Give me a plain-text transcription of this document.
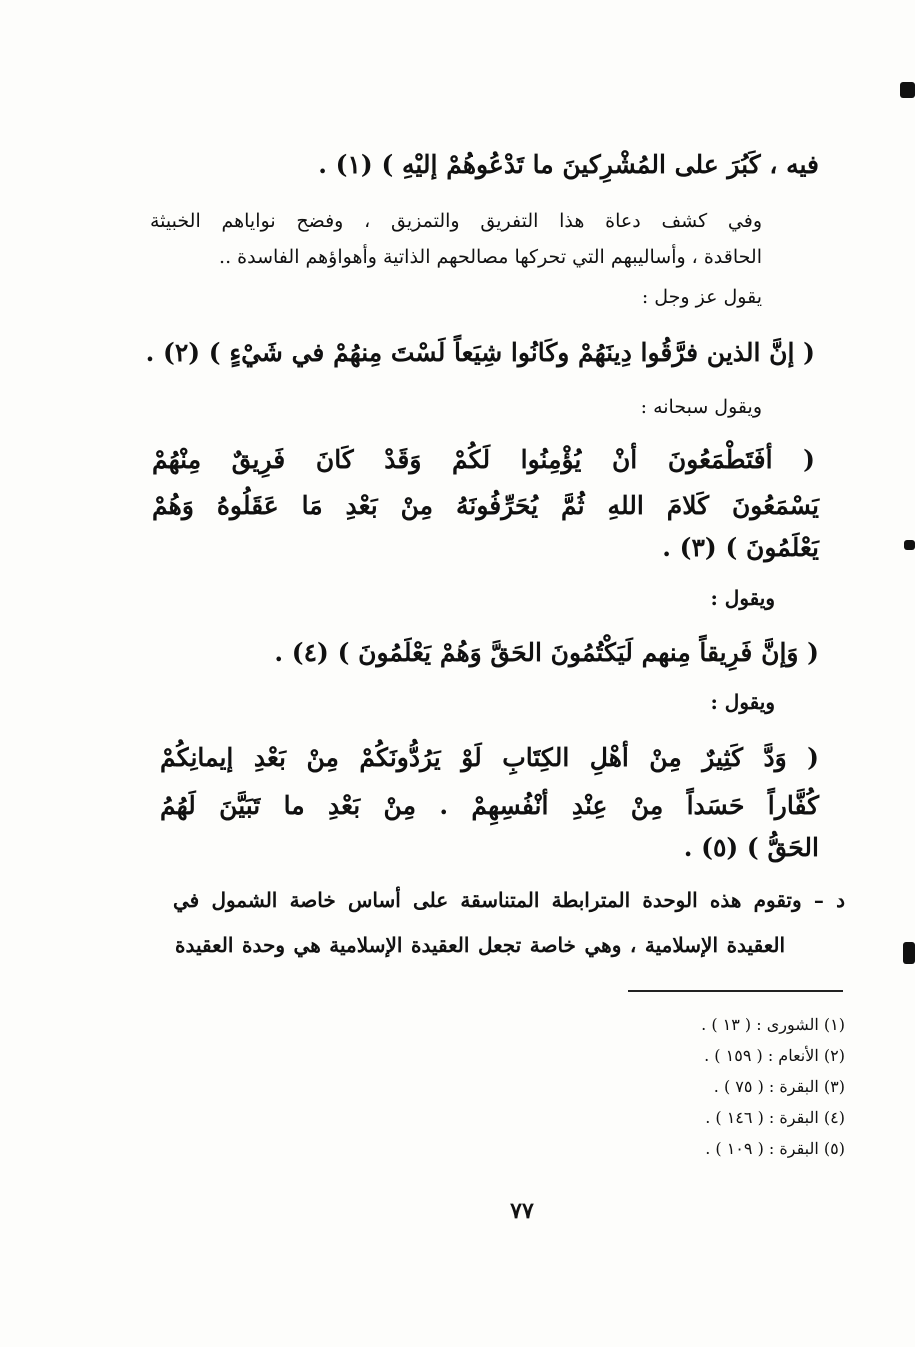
فيه ، كَبُرَ على المُشْرِكينَ ما تَدْعُوهُمْ إليْهِ ) (١) .
وفي كشف دعاة هذا التفريق والتمزيق ، وفضح نواياهم الخبيثة
الحاقدة ، وأساليبهم التي تحركها مصالحهم الذاتية وأهواؤهم الفاسدة ..
يقول عز وجل :
( إنَّ الذين فرَّقُوا دِينَهُمْ وكَانُوا شِيَعاً لَسْتَ مِنهُمْ في شَيْءٍ ) (٢) .
ويقول سبحانه :
( أفَتَطْمَعُونَ أنْ يُؤْمِنُوا لَكُمْ وَقَدْ كَانَ فَرِيقٌ مِنْهُمْ
يَسْمَعُونَ كَلامَ اللهِ ثُمَّ يُحَرِّفُونَهُ مِنْ بَعْدِ مَا عَقَلُوهُ وَهُمْ
يَعْلَمُونَ ) (٣) .
ويقول :
( وَإنَّ فَرِيقاً مِنهم لَيَكْتُمُونَ الحَقَّ وَهُمْ يَعْلَمُونَ ) (٤) .
ويقول :
( وَدَّ كَثِيرٌ مِنْ أهْلِ الكِتَابِ لَوْ يَرُدُّونَكُمْ مِنْ بَعْدِ إيمانِكُمْ
كُفَّاراً حَسَداً مِنْ عِنْدِ أنْفُسِهِمْ . مِنْ بَعْدِ ما تَبَيَّنَ لَهُمُ
الحَقُّ ) (٥) .
د – وتقوم هذه الوحدة المترابطة المتناسقة على أساس خاصة الشمول في
العقيدة الإسلامية ، وهي خاصة تجعل العقيدة الإسلامية هي وحدة العقيدة
(١) الشورى : ( ١٣ ) .
(٢) الأنعام : ( ١٥٩ ) .
(٣) البقرة : ( ٧٥ ) .
(٤) البقرة : ( ١٤٦ ) .
(٥) البقرة : ( ١٠٩ ) .
٧٧
